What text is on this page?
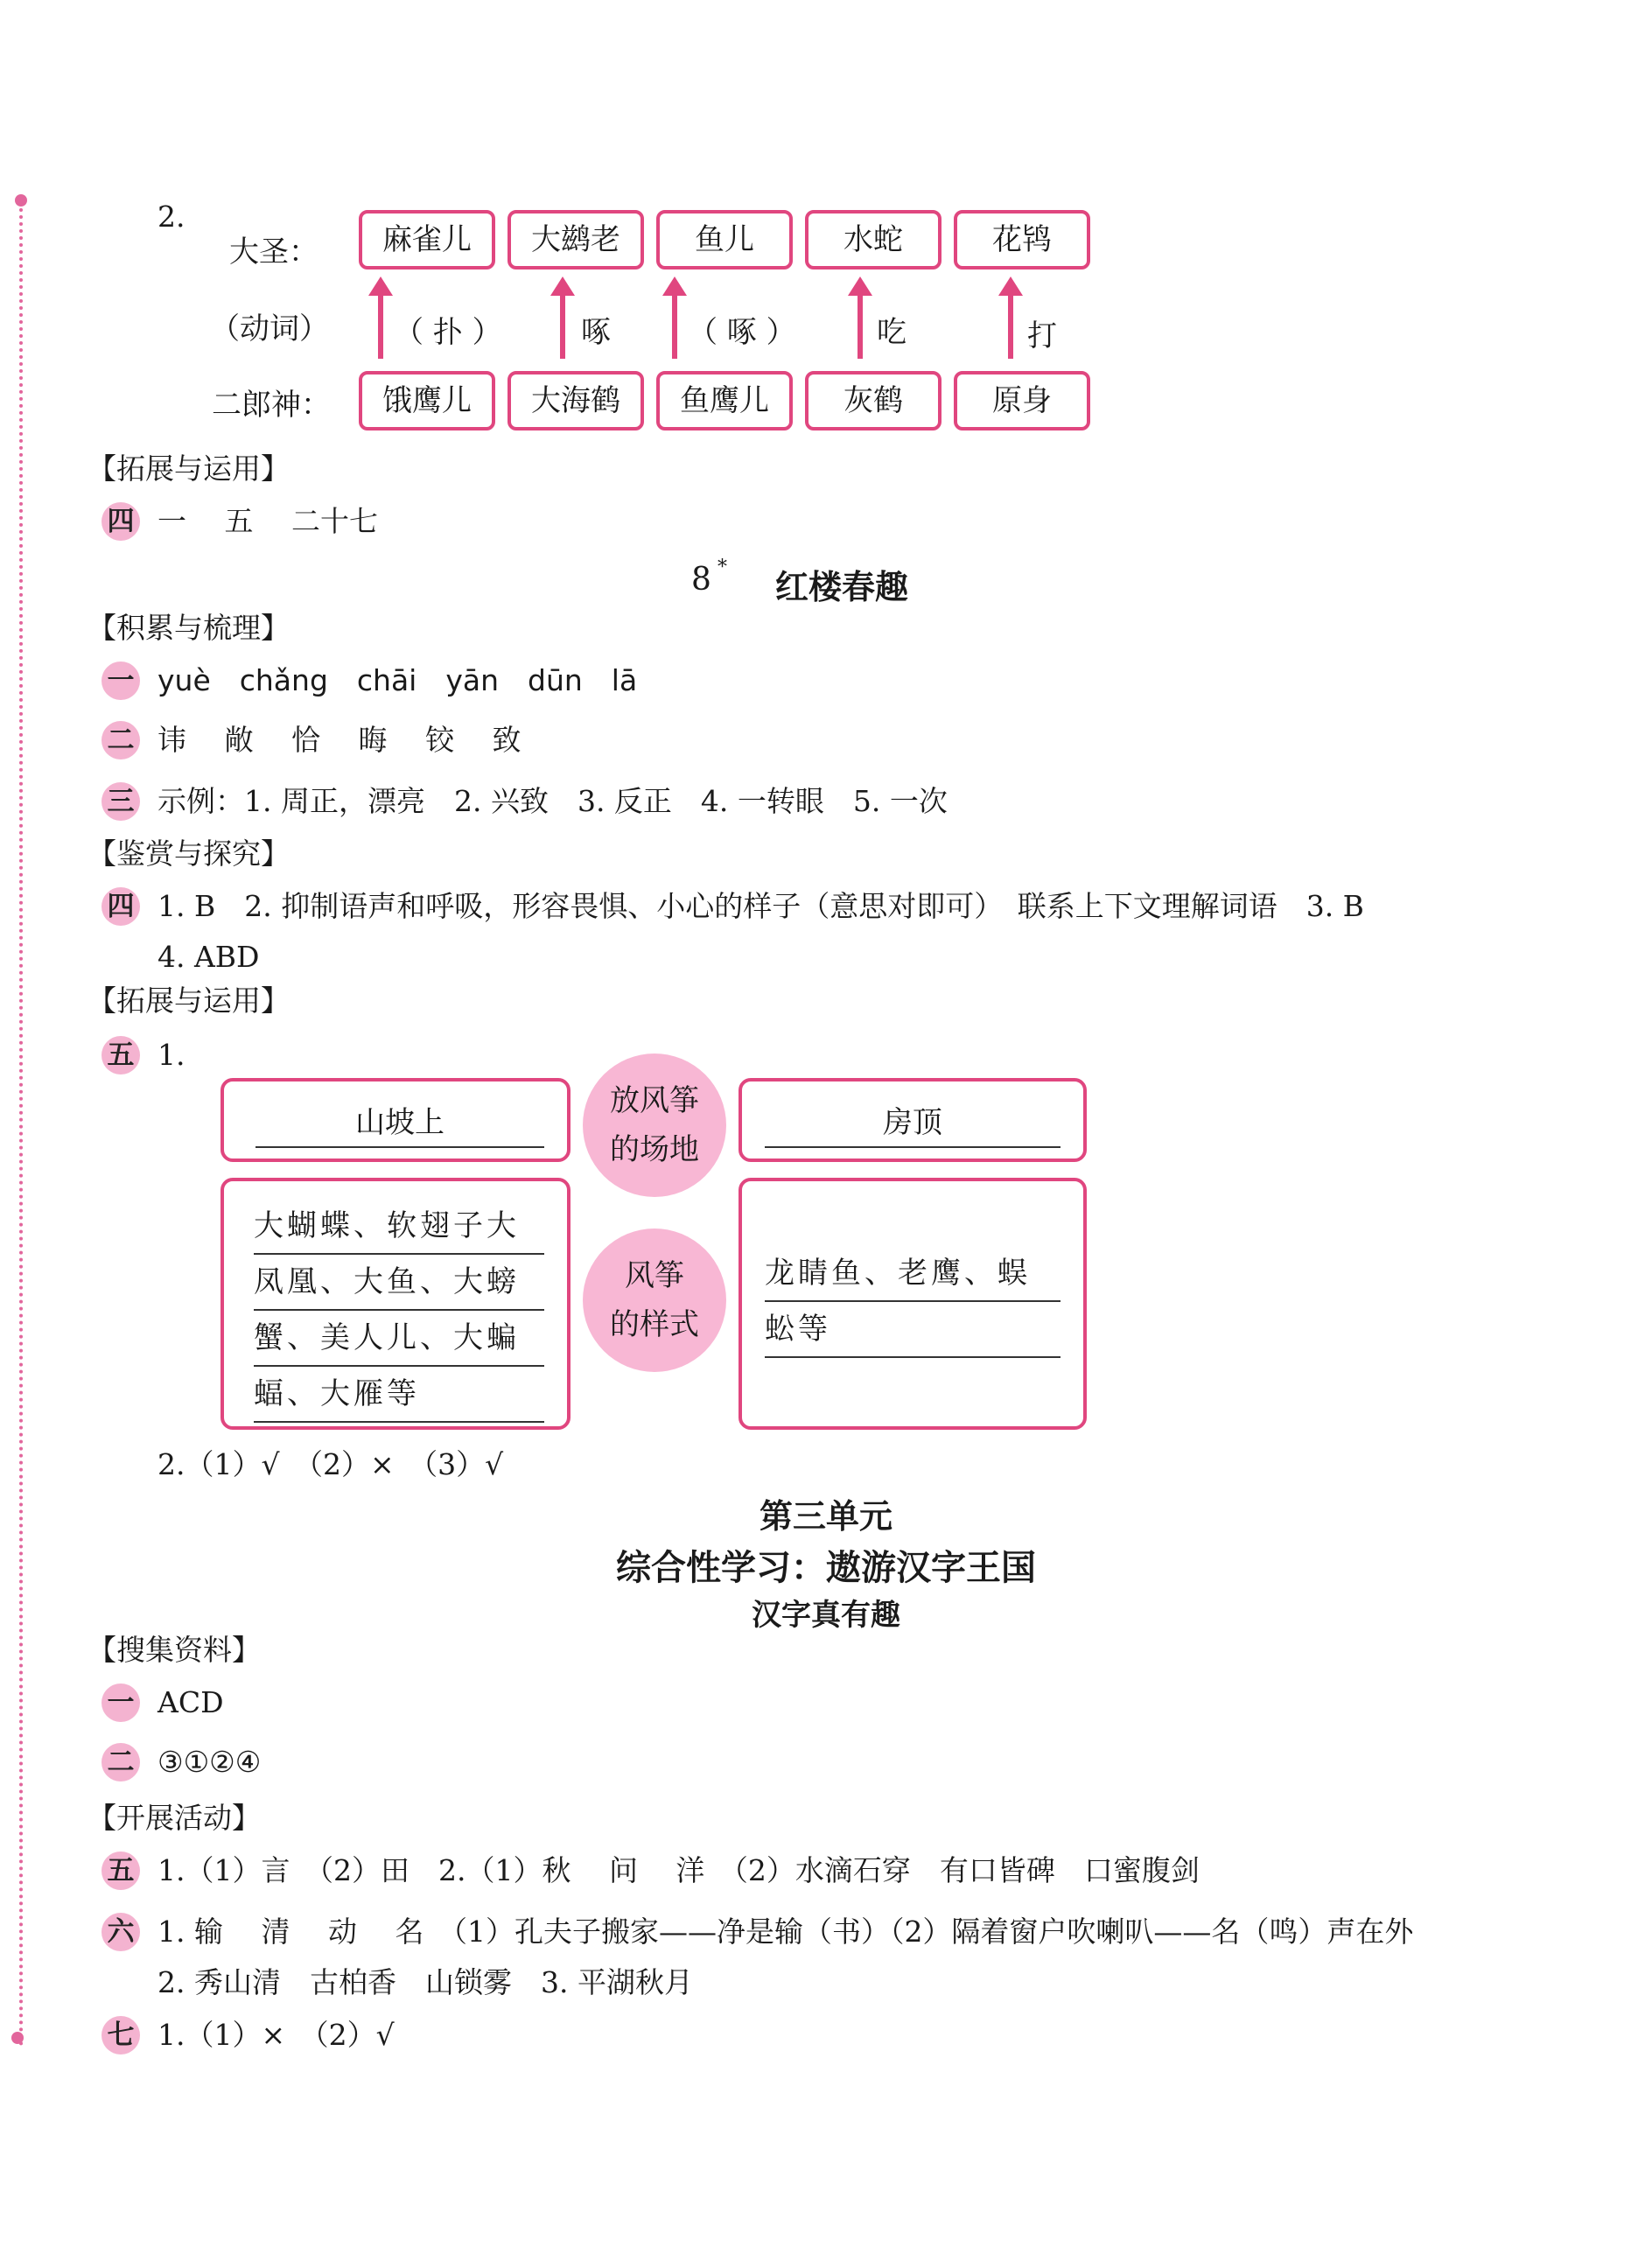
2.
大圣：
（动词）
二郎神：
麻雀儿	大鹚老	鱼儿	水蛇	花鸨
（ 扑 ）	啄	（ 啄 ）	吃	打
饿鹰儿	大海鹤	鱼鹰儿	灰鹤	原身
【拓展与运用】
四 一　 五　 二十七
8 *
红楼春趣
【积累与梳理】
一 yuè　chǎng　chāi　yān　dūn　lā
二 讳　 敞　 恰　 晦　 铰　 致
三 示例：1. 周正，漂亮　2. 兴致　3. 反正　4. 一转眼　5. 一次
【鉴赏与探究】
四 1. B　2. 抑制语声和呼吸，形容畏惧、小心的样子（意思对即可）　联系上下文理解词语　3. B
4. ABD
【拓展与运用】
五 1.
山坡上	房顶
放风筝
的场地
大蝴蝶、软翅子大
凤凰、大鱼、大螃
蟹、美人儿、大蝙
蝠、大雁等
龙睛鱼、老鹰、蜈
蚣等
风筝
的样式
2.（1）√　（2）×　（3）√
第三单元
综合性学习：遨游汉字王国
汉字真有趣
【搜集资料】
一 ACD
二 ③①②④
【开展活动】
五 1.（1）言　（2）田　2.（1）秋　 问　 洋　（2）水滴石穿　有口皆碑　口蜜腹剑
六 1. 输　 清　 动　 名　（1）孔夫子搬家——净是输（书）（2）隔着窗户吹喇叭——名（鸣）声在外
2. 秀山清　古柏香　山锁雾　3. 平湖秋月
七 1.（1）×　（2）√
